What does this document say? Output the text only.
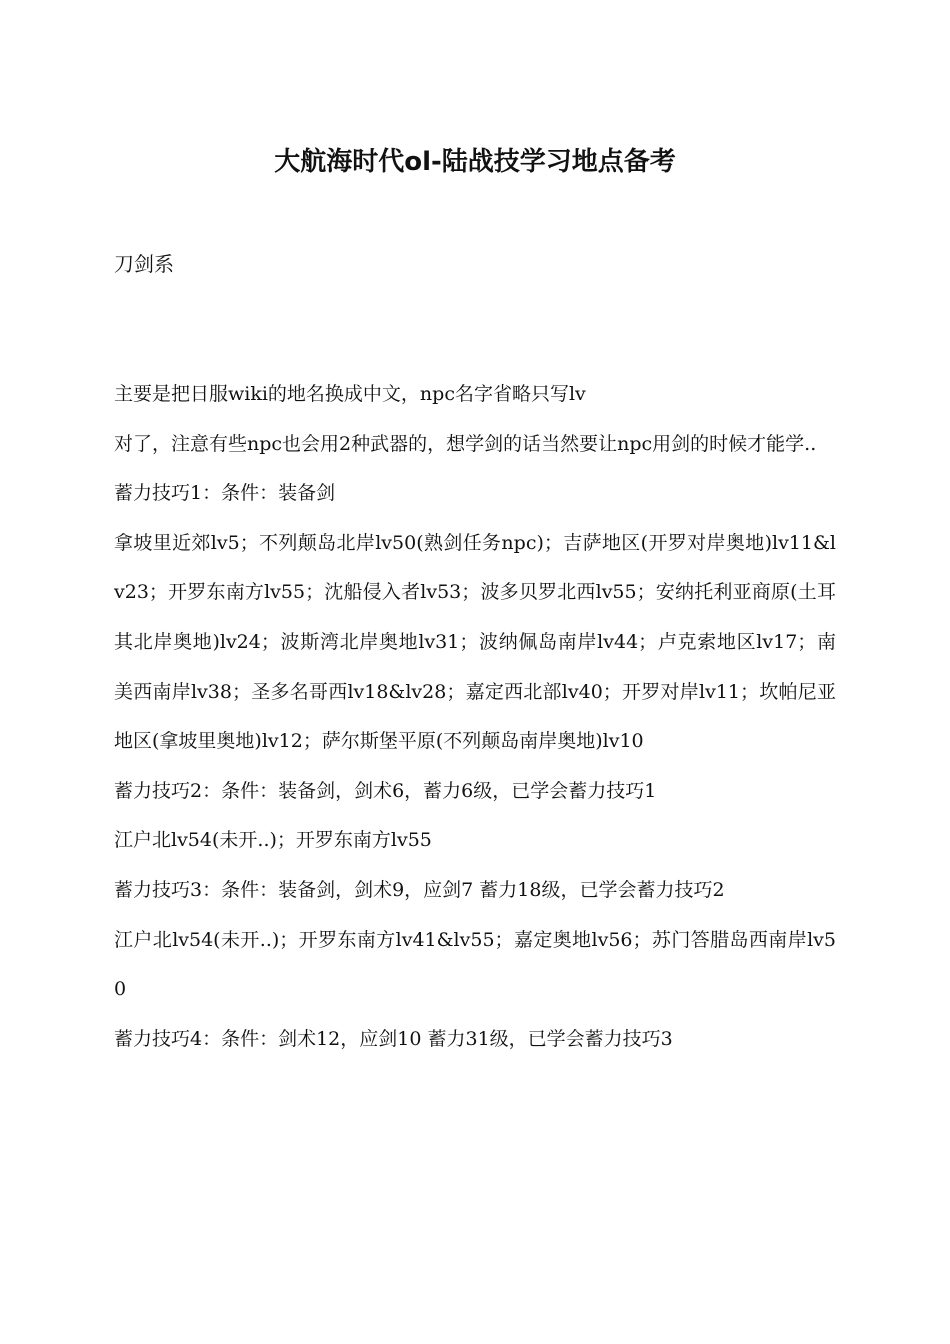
大航海时代ol-陆战技学习地点备考

刀剑系

主要是把日服wiki的地名换成中文，npc名字省略只写lv

对了，注意有些npc也会用2种武器的，想学剑的话当然要让npc用剑的时候才能学..

蓄力技巧1：条件：装备剑

拿坡里近郊lv5；不列颠岛北岸lv50(熟剑任务npc)；吉萨地区(开罗对岸奥地)lv11&lv23；开罗东南方lv55；沈船侵入者lv53；波多贝罗北西lv55；安纳托利亚商原(土耳其北岸奥地)lv24；波斯湾北岸奥地lv31；波纳佩岛南岸lv44；卢克索地区lv17；南美西南岸lv38；圣多名哥西lv18&lv28；嘉定西北部lv40；开罗对岸lv11；坎帕尼亚地区(拿坡里奥地)lv12；萨尔斯堡平原(不列颠岛南岸奥地)lv10

蓄力技巧2：条件：装备剑，剑术6，蓄力6级，已学会蓄力技巧1

江户北lv54(未开..)；开罗东南方lv55

蓄力技巧3：条件：装备剑，剑术9，应剑7 蓄力18级，已学会蓄力技巧2

江户北lv54(未开..)；开罗东南方lv41&lv55；嘉定奥地lv56；苏门答腊岛西南岸lv50

蓄力技巧4：条件：剑术12，应剑10 蓄力31级，已学会蓄力技巧3
